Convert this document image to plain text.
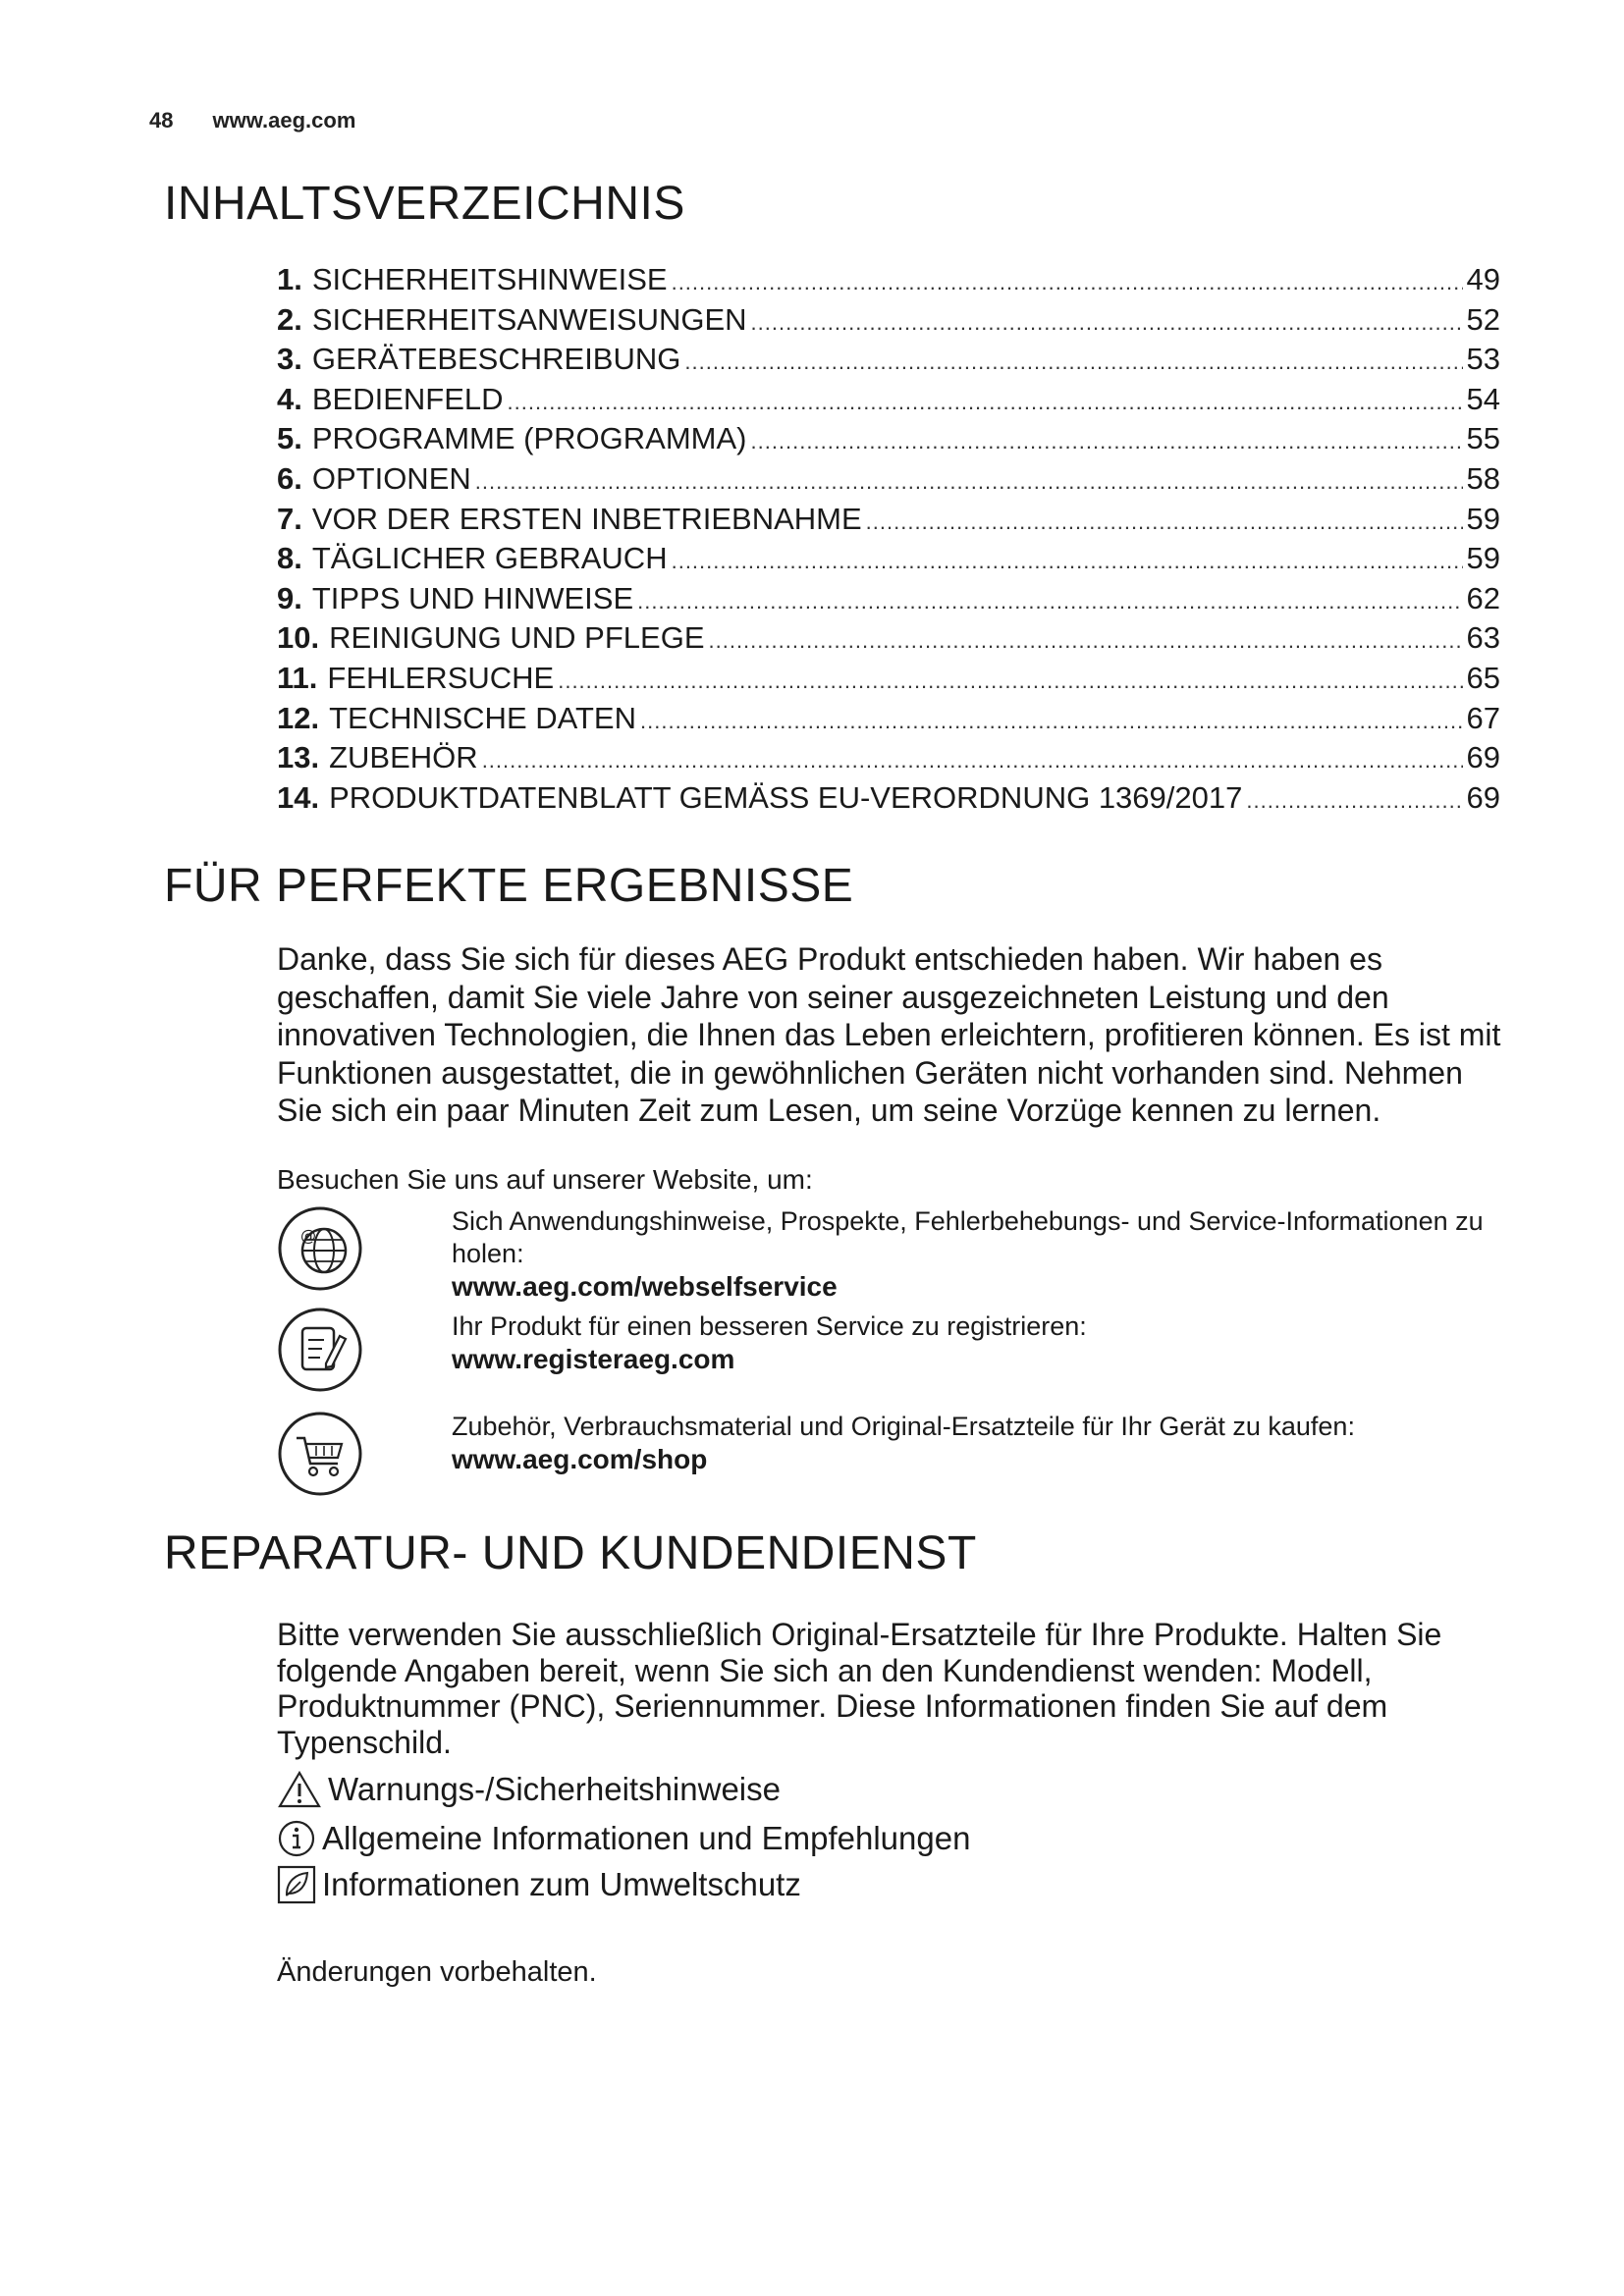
48 www.aeg.com
INHALTSVERZEICHNIS
1. SICHERHEITSHINWEISE .....	49
2. SICHERHEITSANWEISUNGEN .....	52
3. GERÄTEBESCHREIBUNG .....	53
4. BEDIENFELD .....	54
5. PROGRAMME (PROGRAMMA) .....	55
6. OPTIONEN .....	58
7. VOR DER ERSTEN INBETRIEBNAHME .....	59
8. TÄGLICHER GEBRAUCH .....	59
9. TIPPS UND HINWEISE .....	62
10. REINIGUNG UND PFLEGE .....	63
11. FEHLERSUCHE .....	65
12. TECHNISCHE DATEN .....	67
13. ZUBEHÖR .....	69
14. PRODUKTDATENBLATT GEMÄSS EU-VERORDNUNG 1369/2017 .....	69
FÜR PERFEKTE ERGEBNISSE
Danke, dass Sie sich für dieses AEG Produkt entschieden haben. Wir haben es geschaffen, damit Sie viele Jahre von seiner ausgezeichneten Leistung und den innovativen Technologien, die Ihnen das Leben erleichtern, profitieren können. Es ist mit Funktionen ausgestattet, die in gewöhnlichen Geräten nicht vorhanden sind. Nehmen Sie sich ein paar Minuten Zeit zum Lesen, um seine Vorzüge kennen zu lernen.
Besuchen Sie uns auf unserer Website, um:
@	Sich Anwendungshinweise, Prospekte, Fehlerbehebungs- und Service-Informationen zu holen:
www.aeg.com/webselfservice
Ihr Produkt für einen besseren Service zu registrieren:
www.registeraeg.com
Zubehör, Verbrauchsmaterial und Original-Ersatzteile für Ihr Gerät zu kaufen:
www.aeg.com/shop
REPARATUR- UND KUNDENDIENST
Bitte verwenden Sie ausschließlich Original-Ersatzteile für Ihre Produkte. Halten Sie folgende Angaben bereit, wenn Sie sich an den Kundendienst wenden: Modell, Produktnummer (PNC), Seriennummer. Diese Informationen finden Sie auf dem Typenschild.
Warnungs-/Sicherheitshinweise
Allgemeine Informationen und Empfehlungen
Informationen zum Umweltschutz
Änderungen vorbehalten.
